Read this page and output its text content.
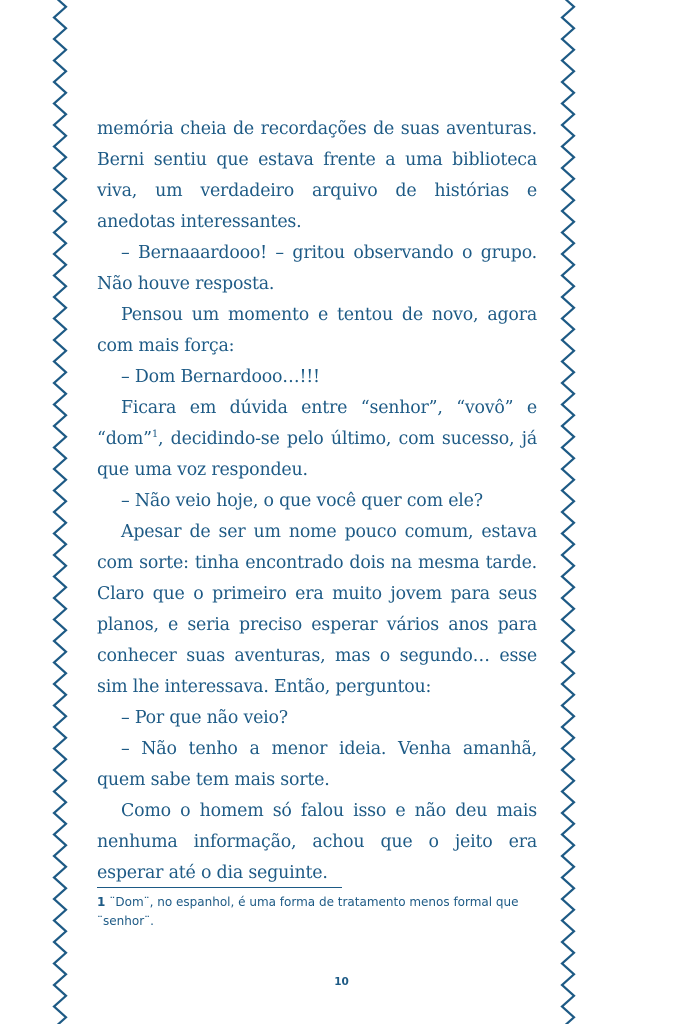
memória cheia de recordações de suas aventuras. Berni sentiu que estava frente a uma biblioteca viva, um verdadeiro arquivo de histórias e anedotas interessantes.

– Bernaaardooo! – gritou observando o grupo. Não houve resposta.

Pensou um momento e tentou de novo, agora com mais força:

– Dom Bernardooo…!!!

Ficara em dúvida entre “senhor”, “vovô” e “dom”$^1$, decidindo-se pelo último, com sucesso, já que uma voz respondeu.

– Não veio hoje, o que você quer com ele?

Apesar de ser um nome pouco comum, estava com sorte: tinha encontrado dois na mesma tarde. Claro que o primeiro era muito jovem para seus planos, e seria preciso esperar vários anos para conhecer suas aventuras, mas o segundo… esse sim lhe interessava. Então, perguntou:

– Por que não veio?

– Não tenho a menor ideia. Venha amanhã, quem sabe tem mais sorte.

Como o homem só falou isso e não deu mais nenhuma informação, achou que o jeito era esperar até o dia seguinte.

1 ¨Dom¨, no espanhol, é uma forma de tratamento menos formal que ¨senhor¨.
10
